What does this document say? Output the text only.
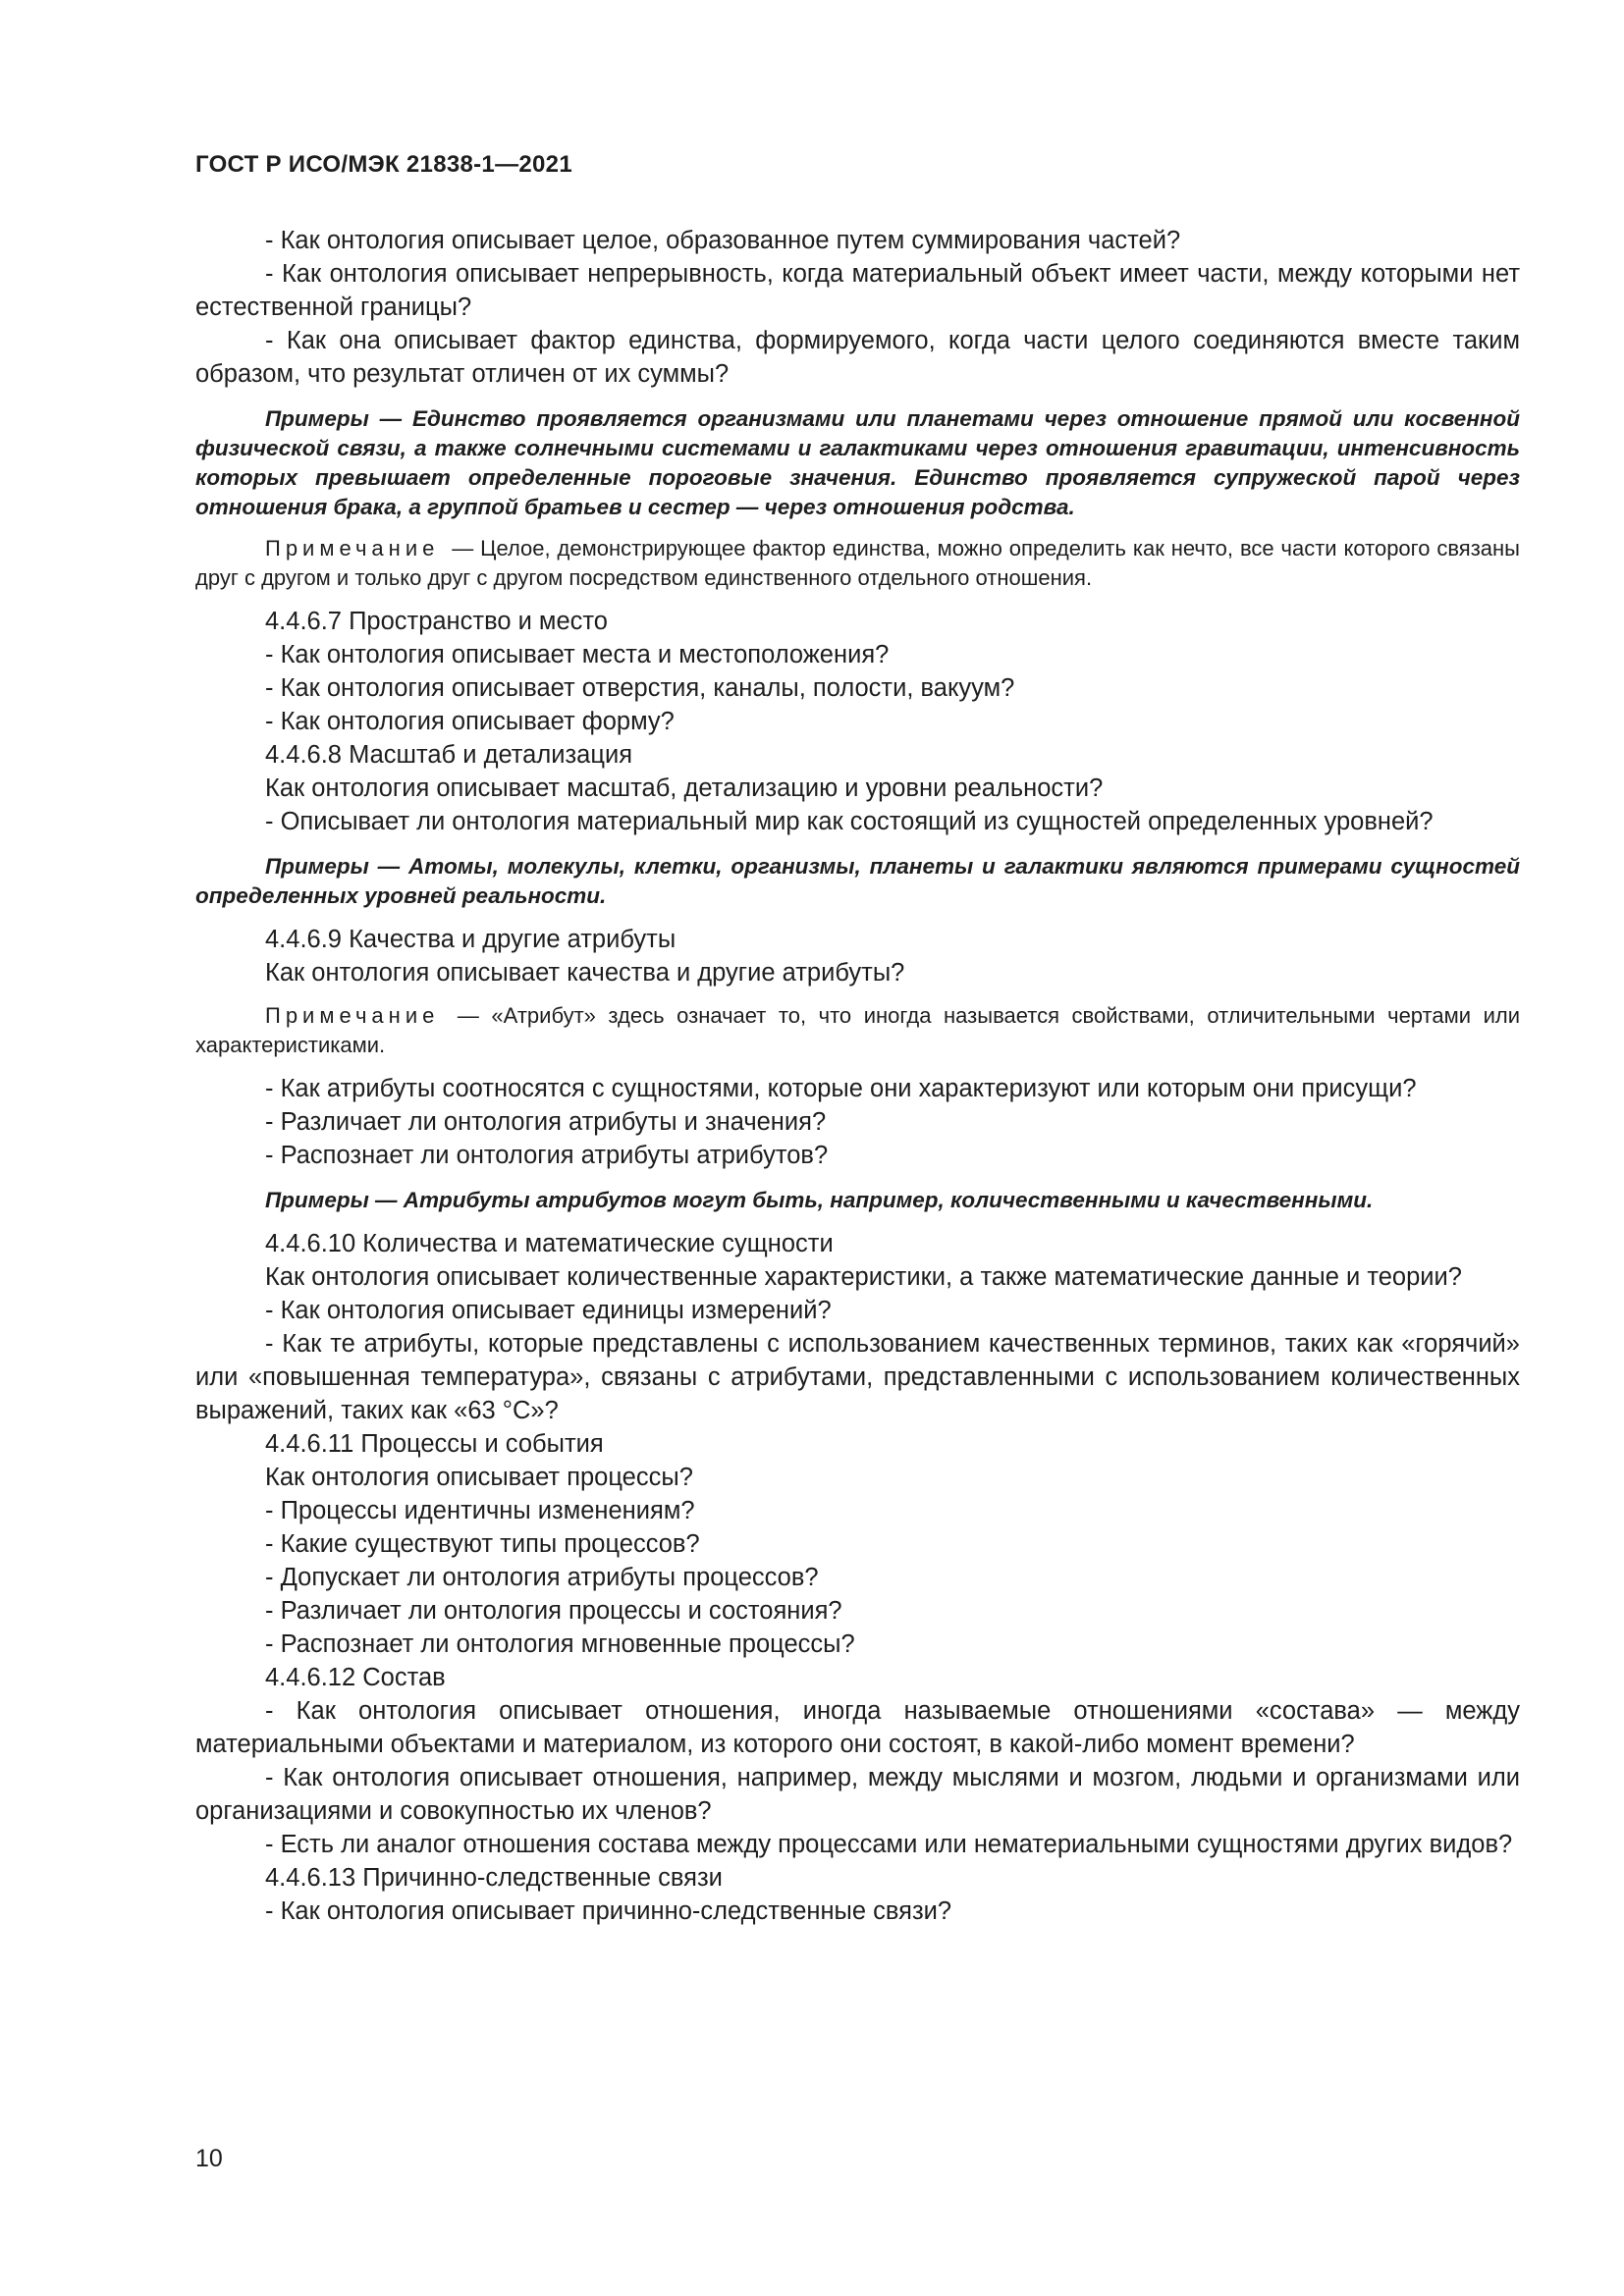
ГОСТ Р ИСО/МЭК 21838-1—2021
- Как онтология описывает целое, образованное путем суммирования частей?
- Как онтология описывает непрерывность, когда материальный объект имеет части, между которыми нет естественной границы?
- Как она описывает фактор единства, формируемого, когда части целого соединяются вместе таким образом, что результат отличен от их суммы?
Примеры — Единство проявляется организмами или планетами через отношение прямой или косвенной физической связи, а также солнечными системами и галактиками через отношения гравитации, интенсивность которых превышает определенные пороговые значения. Единство проявляется супружеской парой через отношения брака, а группой братьев и сестер — через отношения родства.
Примечание — Целое, демонстрирующее фактор единства, можно определить как нечто, все части которого связаны друг с другом и только друг с другом посредством единственного отдельного отношения.
4.4.6.7 Пространство и место
- Как онтология описывает места и местоположения?
- Как онтология описывает отверстия, каналы, полости, вакуум?
- Как онтология описывает форму?
4.4.6.8 Масштаб и детализация
Как онтология описывает масштаб, детализацию и уровни реальности?
- Описывает ли онтология материальный мир как состоящий из сущностей определенных уровней?
Примеры — Атомы, молекулы, клетки, организмы, планеты и галактики являются примерами сущностей определенных уровней реальности.
4.4.6.9 Качества и другие атрибуты
Как онтология описывает качества и другие атрибуты?
Примечание — «Атрибут» здесь означает то, что иногда называется свойствами, отличительными чертами или характеристиками.
- Как атрибуты соотносятся с сущностями, которые они характеризуют или которым они присущи?
- Различает ли онтология атрибуты и значения?
- Распознает ли онтология атрибуты атрибутов?
Примеры — Атрибуты атрибутов могут быть, например, количественными и качественными.
4.4.6.10 Количества и математические сущности
Как онтология описывает количественные характеристики, а также математические данные и теории?
- Как онтология описывает единицы измерений?
- Как те атрибуты, которые представлены с использованием качественных терминов, таких как «горячий» или «повышенная температура», связаны с атрибутами, представленными с использованием количественных выражений, таких как «63 °С»?
4.4.6.11 Процессы и события
Как онтология описывает процессы?
- Процессы идентичны изменениям?
- Какие существуют типы процессов?
- Допускает ли онтология атрибуты процессов?
- Различает ли онтология процессы и состояния?
- Распознает ли онтология мгновенные процессы?
4.4.6.12 Состав
- Как онтология описывает отношения, иногда называемые отношениями «состава» — между материальными объектами и материалом, из которого они состоят, в какой-либо момент времени?
- Как онтология описывает отношения, например, между мыслями и мозгом, людьми и организмами или организациями и совокупностью их членов?
- Есть ли аналог отношения состава между процессами или нематериальными сущностями других видов?
4.4.6.13 Причинно-следственные связи
- Как онтология описывает причинно-следственные связи?
10
